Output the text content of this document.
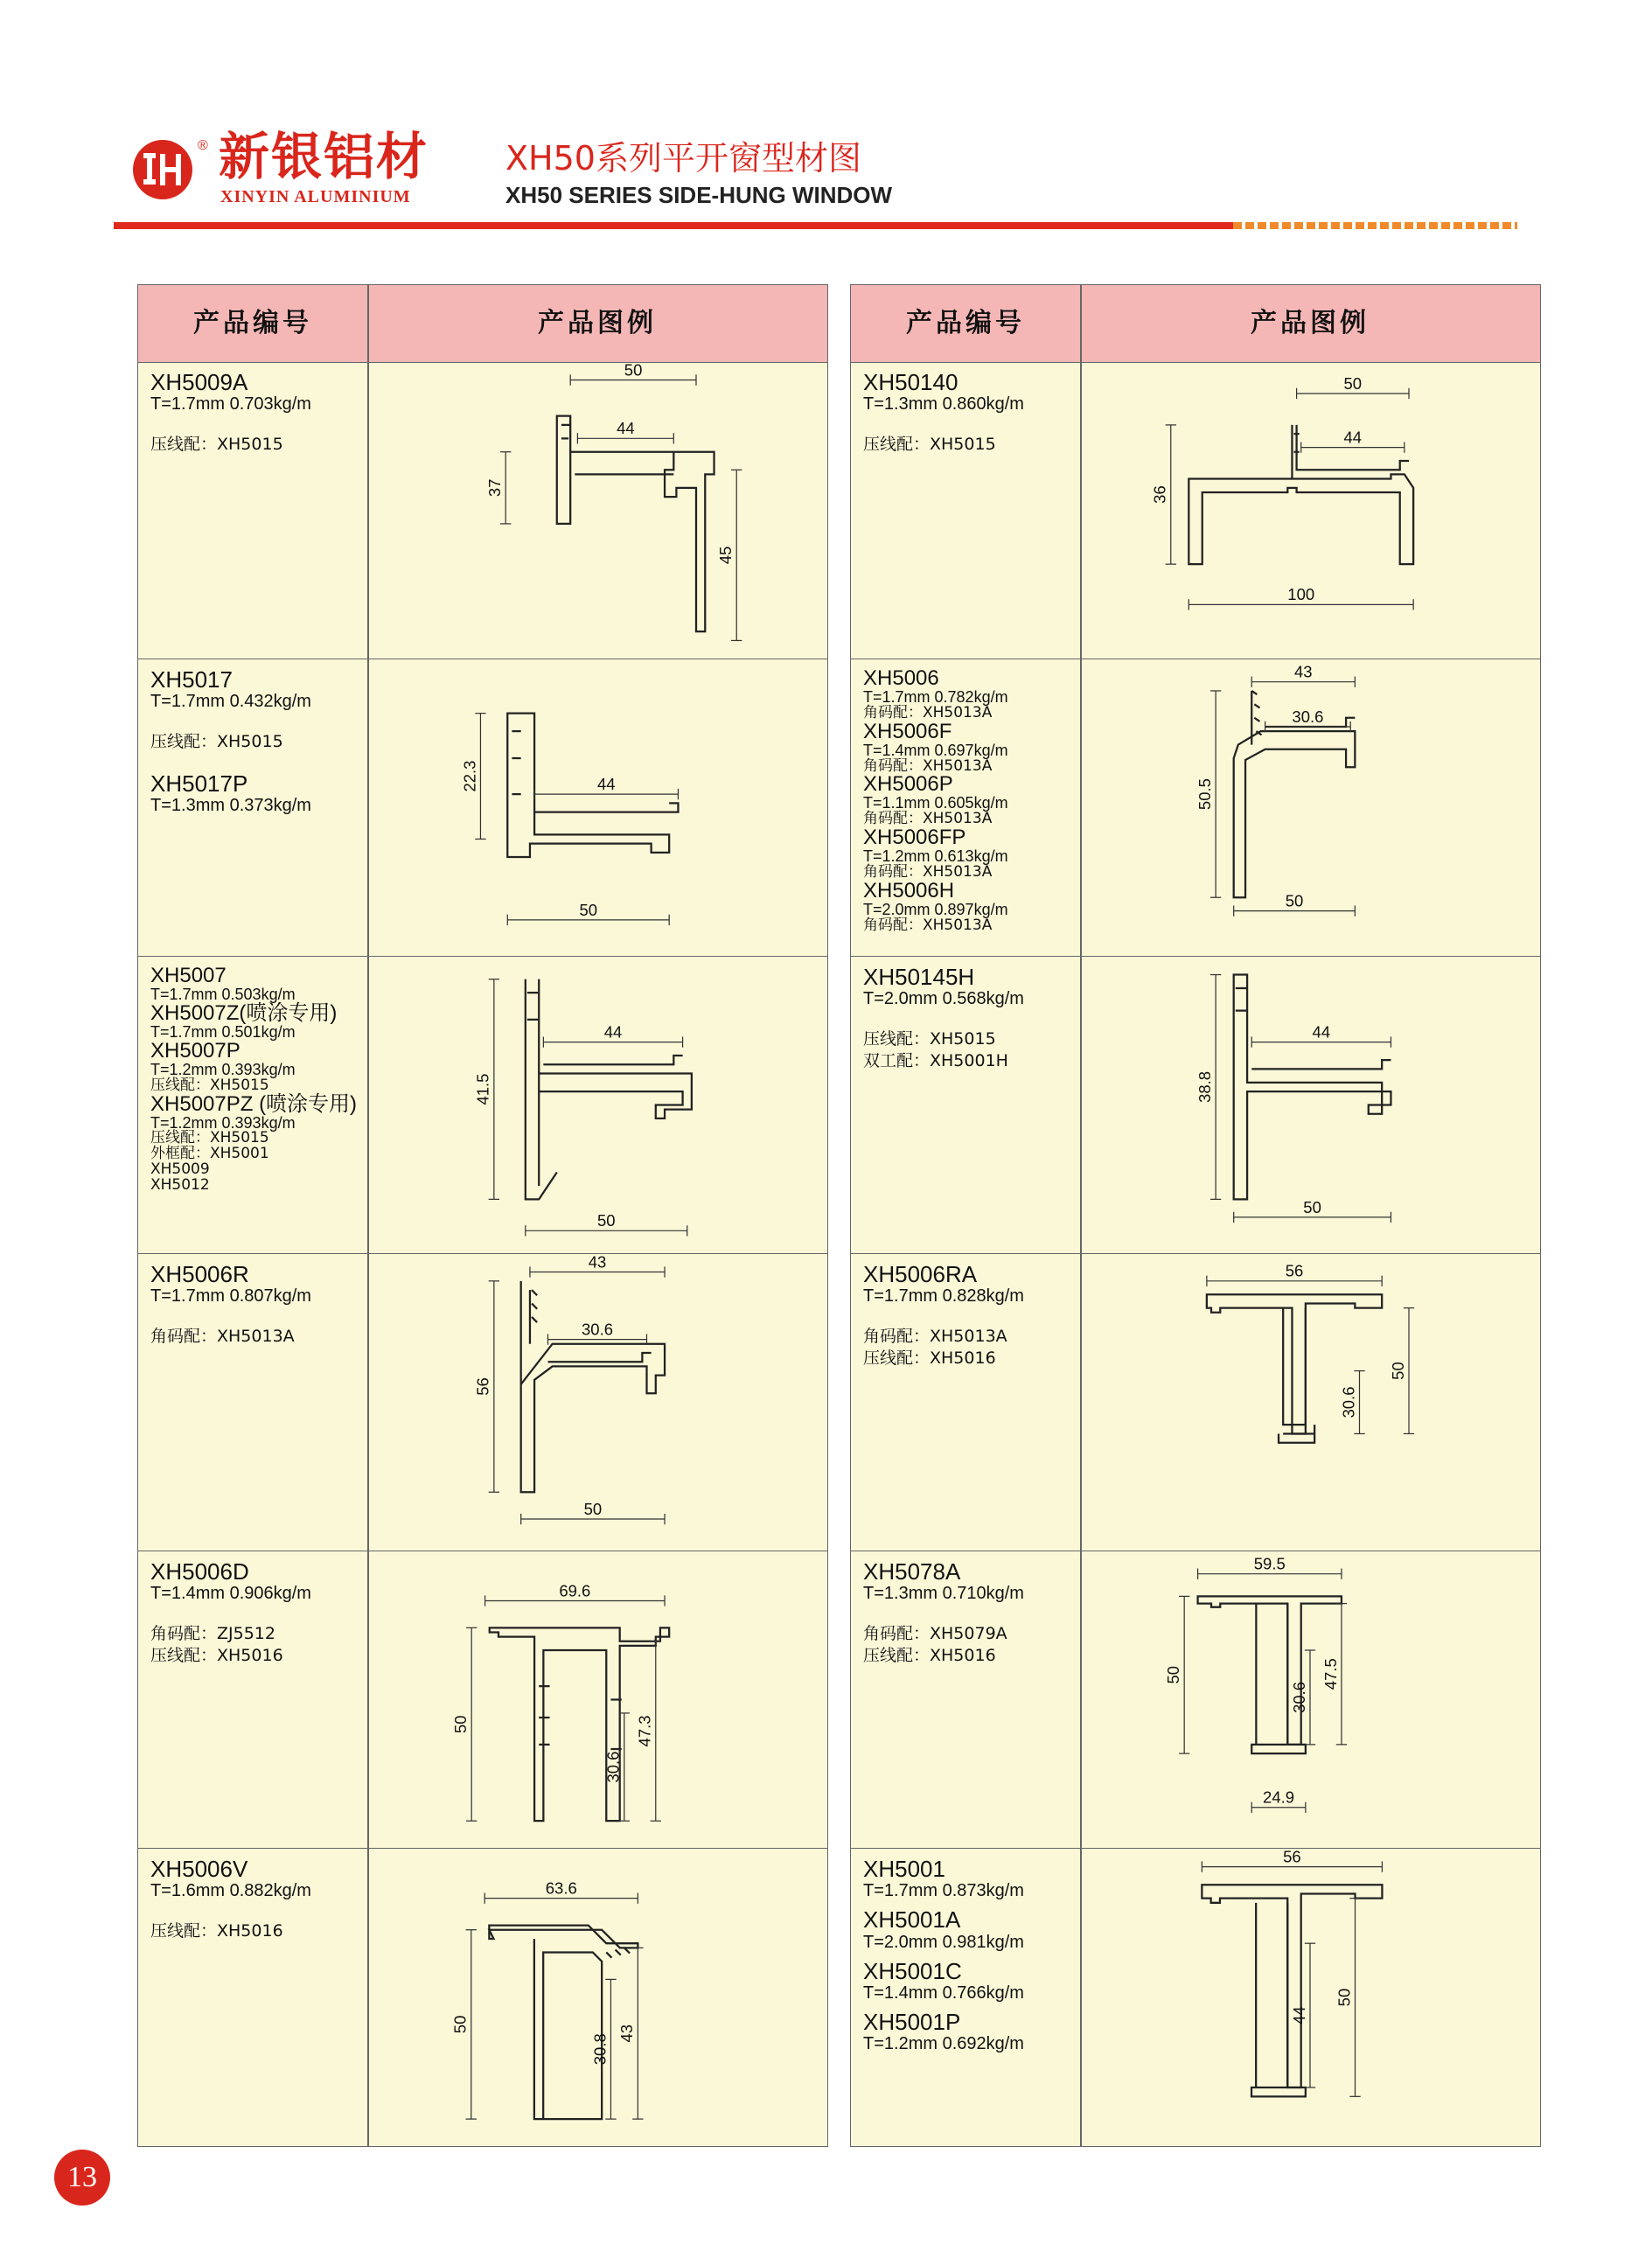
® 新银铝材
XINYIN ALUMINIUM
XH50系列平开窗型材图
XH50 SERIES SIDE-HUNG WINDOW
产品编号	产品图例
XH5009A
T=1.7mm 0.703kg/m
压线配：XH5015
50
44
37
45
XH5017
T=1.7mm 0.432kg/m
压线配：XH5015
XH5017P
T=1.3mm 0.373kg/m
22.3	44
50
XH5007
T=1.7mm 0.503kg/m
XH5007Z(喷涂专用)
T=1.7mm 0.501kg/m
XH5007P
T=1.2mm 0.393kg/m
压线配：XH5015
XH5007PZ (喷涂专用)
T=1.2mm 0.393kg/m
压线配：XH5015
外框配：XH5001
XH5009
XH5012
44
41.5
50
XH5006R
T=1.7mm 0.807kg/m
角码配：XH5013A
43
30.6
56
50
XH5006D
T=1.4mm 0.906kg/m
角码配：ZJ5512
压线配：XH5016
69.6
50
30.6
47.3
XH5006V
T=1.6mm 0.882kg/m
压线配：XH5016
63.6
50
30.8 43
产品编号	产品图例
XH50140
T=1.3mm 0.860kg/m
压线配：XH5015
50
44
36
100
XH5006
T=1.7mm 0.782kg/m
角码配：XH5013A
XH5006F
T=1.4mm 0.697kg/m
角码配：XH5013A
XH5006P
T=1.1mm 0.605kg/m
角码配：XH5013A
XH5006FP
T=1.2mm 0.613kg/m
角码配：XH5013A
XH5006H
T=2.0mm 0.897kg/m
角码配：XH5013A
43
30.6
50.5
50
XH50145H
T=2.0mm 0.568kg/m
压线配：XH5015
双工配：XH5001H
44
38.8
50
XH5006RA
T=1.7mm 0.828kg/m
角码配：XH5013A
压线配：XH5016
56
30.6
50
XH5078A
T=1.3mm 0.710kg/m
角码配：XH5079A
压线配：XH5016
59.5
50
30.6
47.5
24.9
XH5001
T=1.7mm 0.873kg/m
XH5001A
T=2.0mm 0.981kg/m
XH5001C
T=1.4mm 0.766kg/m
XH5001P
T=1.2mm 0.692kg/m
56
44
50
13
